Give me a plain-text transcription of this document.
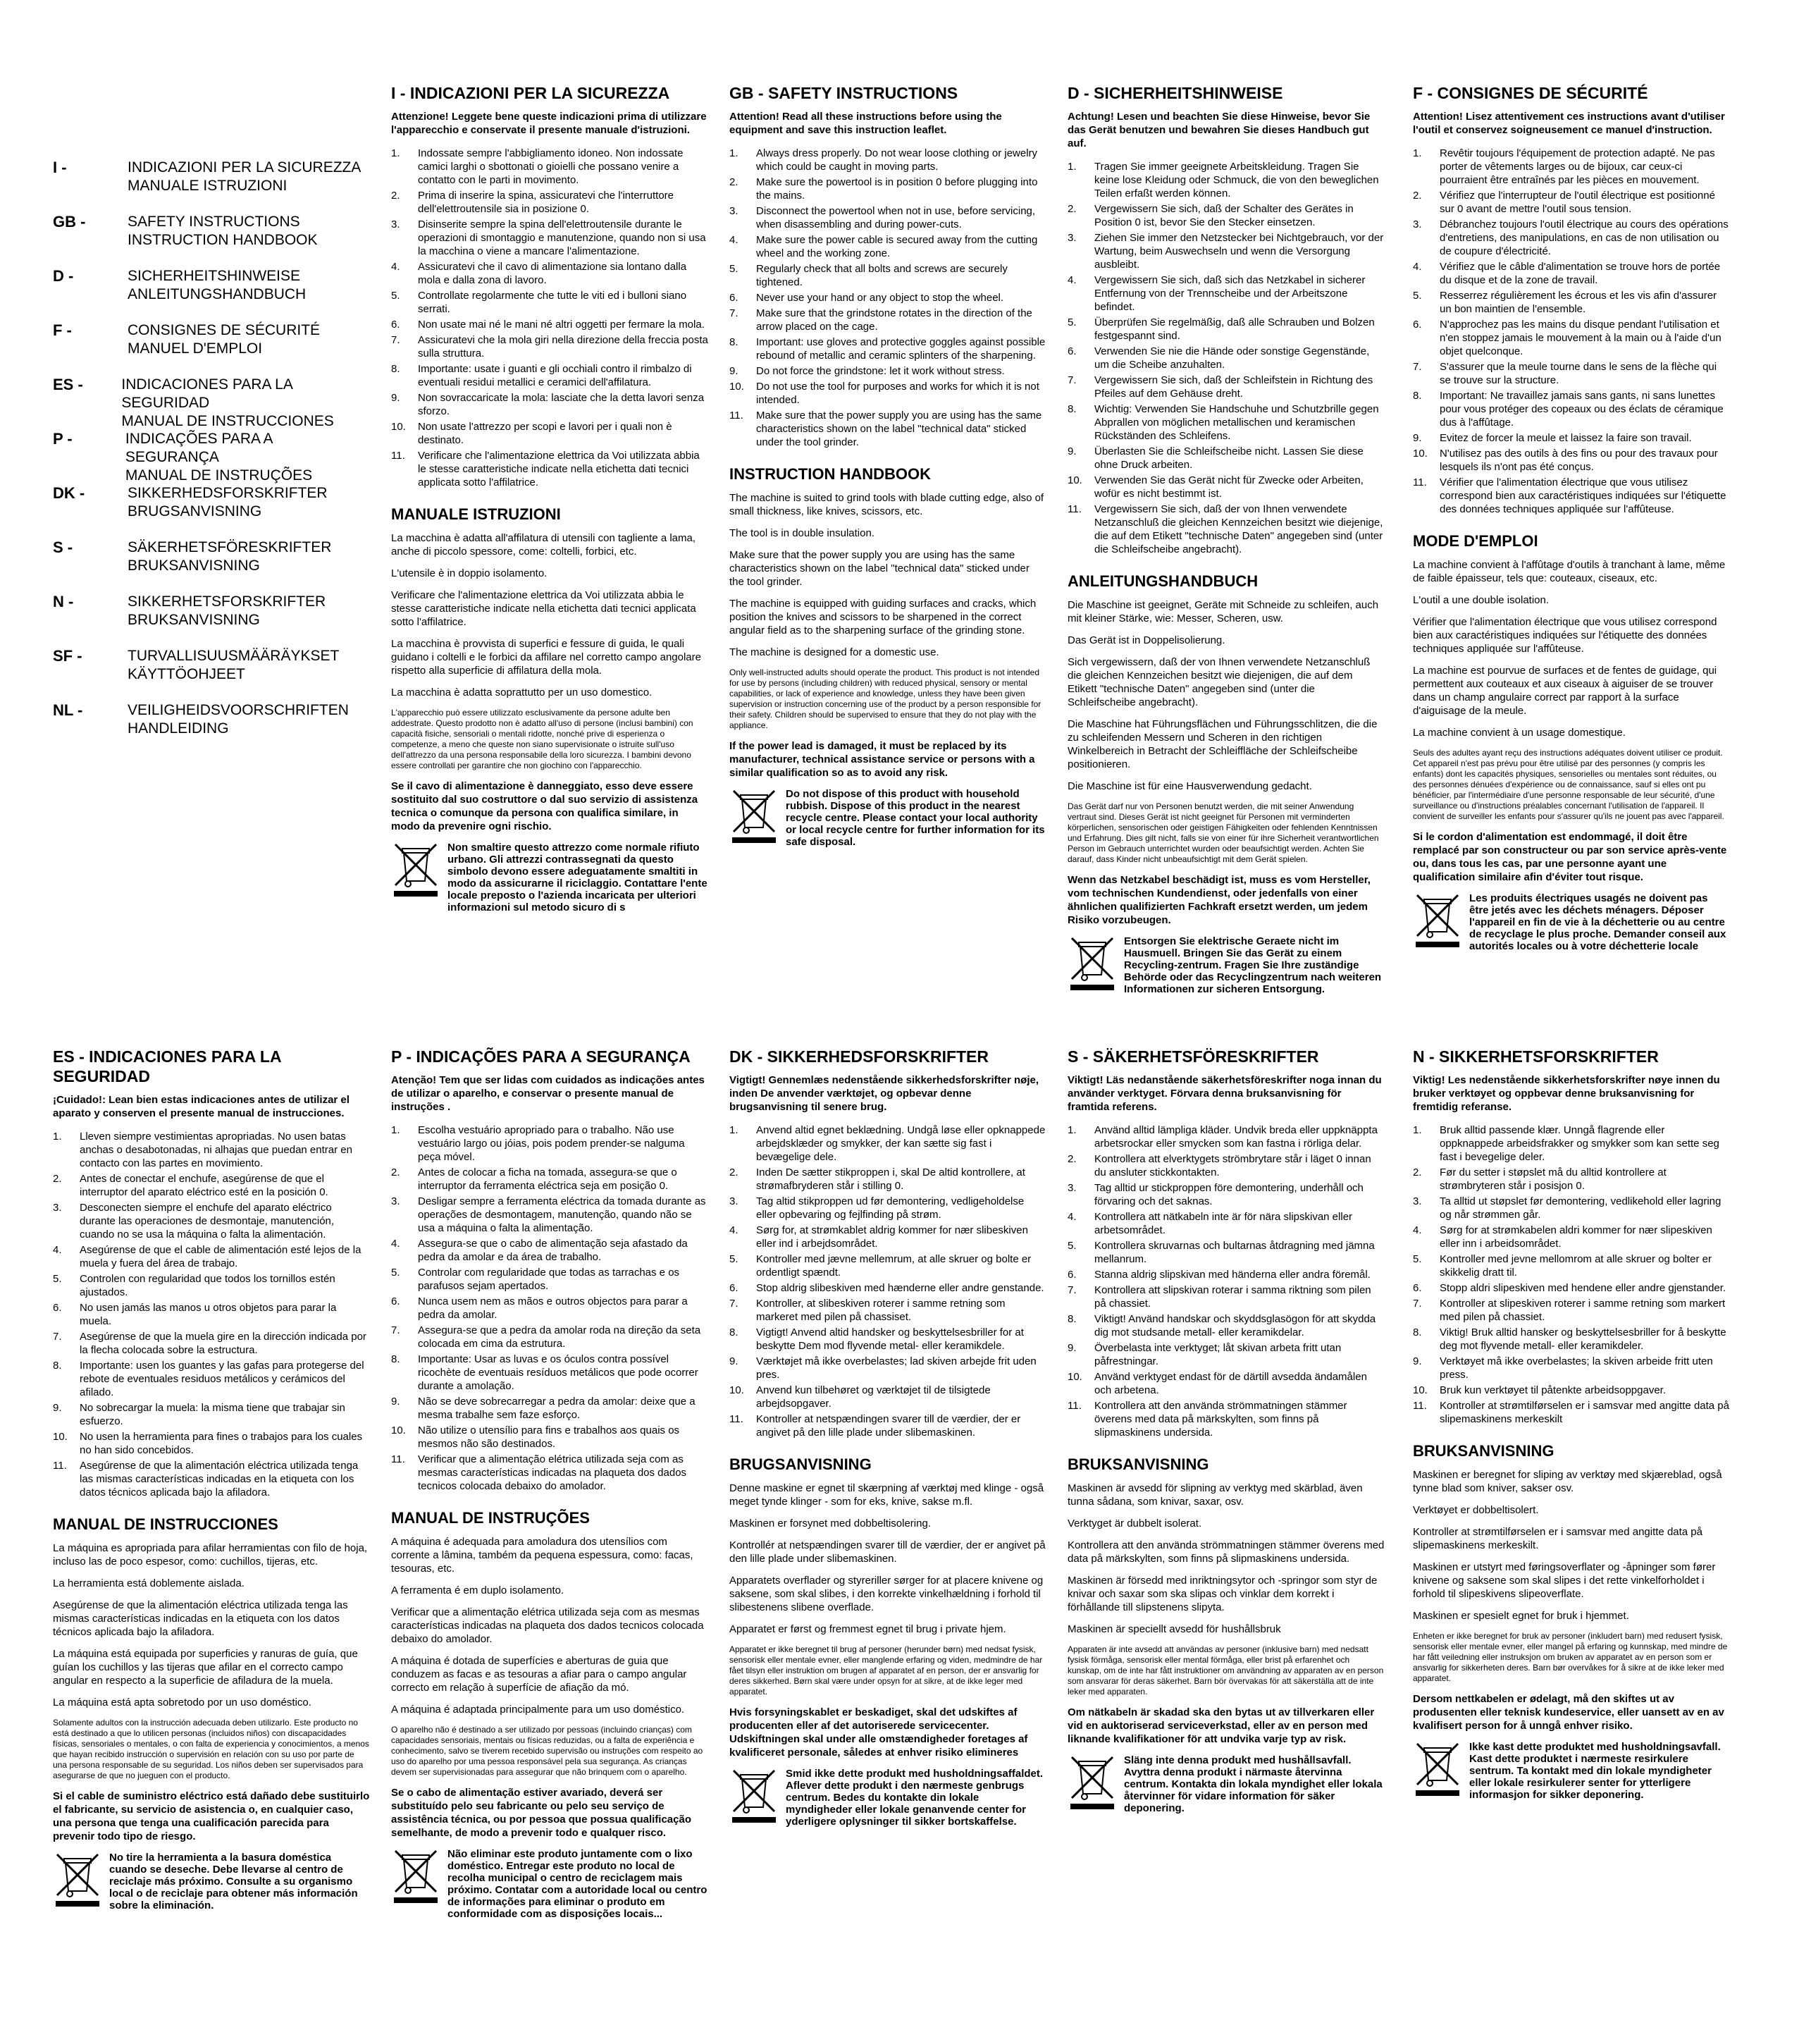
I -	INDICAZIONI PER LA SICUREZZA
MANUALE ISTRUZIONI
GB -	SAFETY INSTRUCTIONS
INSTRUCTION HANDBOOK
D -	SICHERHEITSHINWEISE
ANLEITUNGSHANDBUCH
F -	CONSIGNES DE SÉCURITÉ
MANUEL D'EMPLOI
ES -	INDICACIONES PARA LA SEGURIDAD
MANUAL DE INSTRUCCIONES
P -	INDICAÇÕES PARA A SEGURANÇA
MANUAL DE INSTRUÇÕES
DK -	SIKKERHEDSFORSKRIFTER
BRUGSANVISNING
S -	SÄKERHETSFÖRESKRIFTER
BRUKSANVISNING
N -	SIKKERHETSFORSKRIFTER
BRUKSANVISNING
SF -	TURVALLISUUSMÄÄRÄYKSET
KÄYTTÖOHJEET
NL -	VEILIGHEIDSVOORSCHRIFTEN
HANDLEIDING
I - INDICAZIONI PER LA SICUREZZA
Attenzione! Leggete bene queste indicazioni prima di utilizzare l'apparecchio e conservate il presente manuale d'istruzioni.
1.	Indossate sempre l'abbigliamento idoneo. Non indossate camici larghi o sbottonati o gioielli che possano venire a contatto con le parti in movimento.
2.	Prima di inserire la spina, assicuratevi che l'interruttore dell'elettroutensile sia in posizione 0.
3.	Disinserite sempre la spina dell'elettroutensile durante le operazioni di smontaggio e manutenzione, quando non si usa la macchina o viene a mancare l'alimentazione.
4.	Assicuratevi che il cavo di alimentazione sia lontano dalla mola e dalla zona di lavoro.
5.	Controllate regolarmente che tutte le viti ed i bulloni siano serrati.
6.	Non usate mai né le mani né altri oggetti per fermare la mola.
7.	Assicuratevi che la mola giri nella direzione della freccia posta sulla struttura.
8.	Importante: usate i guanti e gli occhiali contro il rimbalzo di eventuali residui metallici e ceramici dell'affilatura.
9.	Non sovraccaricate la mola: lasciate che la detta lavori senza sforzo.
10.	Non usate l'attrezzo per scopi e lavori per i quali non è destinato.
11.	Verificare che l'alimentazione elettrica da Voi utilizzata abbia le stesse caratteristiche indicate nella etichetta dati tecnici applicata sotto l'affilatrice.
MANUALE ISTRUZIONI
La macchina è adatta all'affilatura di utensili con tagliente a lama, anche di piccolo spessore, come: coltelli, forbici, etc.
L'utensile è in doppio isolamento.
Verificare che l'alimentazione elettrica da Voi utilizzata abbia le stesse caratteristiche indicate nella etichetta dati tecnici applicata sotto l'affilatrice.
La macchina è provvista di superfici e fessure di guida, le quali guidano i coltelli e le forbici da affilare nel corretto campo angolare rispetto alla superficie di affilatura della mola.
La macchina è adatta soprattutto per un uso domestico.
L'apparecchio può essere utilizzato esclusivamente da persone adulte ben addestrate. Questo prodotto non è adatto all'uso di persone (inclusi bambini) con capacità fisiche, sensoriali o mentali ridotte, nonché prive di esperienza o competenze, a meno che queste non siano supervisionate o istruite sull'uso dell'attrezzo da una persona responsabile della loro sicurezza. I bambini devono essere controllati per garantire che non giochino con l'apparecchio.
Se il cavo di alimentazione è danneggiato, esso deve essere sostituito dal suo costruttore o dal suo servizio di assistenza tecnica o comunque da persona con qualifica similare, in modo da prevenire ogni rischio.
Non smaltire questo attrezzo come normale rifiuto urbano. Gli attrezzi contrassegnati da questo simbolo devono essere adeguatamente smaltiti in modo da assicurarne il riciclaggio. Contattare l'ente locale preposto o l'azienda incaricata per ulteriori informazioni sul metodo sicuro di s
GB - SAFETY INSTRUCTIONS
Attention! Read all these instructions before using the equipment and save this instruction leaflet.
1.	Always dress properly. Do not wear loose clothing or jewelry which could be caught in moving parts.
2.	Make sure the powertool is in position 0 before plugging into the mains.
3.	Disconnect the powertool when not in use, before servicing, when disassembling and during power-cuts.
4.	Make sure the power cable is secured away from the cutting wheel and the working zone.
5.	Regularly check that all bolts and screws are securely tightened.
6.	Never use your hand or any object to stop the wheel.
7.	Make sure that the grindstone rotates in the direction of the arrow placed on the cage.
8.	Important: use gloves and protective goggles against possible rebound of metallic and ceramic splinters of the sharpening.
9.	Do not force the grindstone: let it work without stress.
10.	Do not use the tool for purposes and works for which it is not intended.
11.	Make sure that the power supply you are using has the same characteristics shown on the label "technical data" sticked under the tool grinder.
INSTRUCTION HANDBOOK
The machine is suited to grind tools with blade cutting edge, also of small thickness, like knives, scissors, etc.
The tool is in double insulation.
Make sure that the power supply you are using has the same characteristics shown on the label "technical data" sticked under the tool grinder.
The machine is equipped with guiding surfaces and cracks, which position the knives and scissors to be sharpened in the correct angular field as to the sharpening surface of the grinding stone.
The machine is designed for a domestic use.
Only well-instructed adults should operate the product. This product is not intended for use by persons (including children) with reduced physical, sensory or mental capabilities, or lack of experience and knowledge, unless they have been given supervision or instruction concerning use of the product by a person responsible for their safety. Children should be supervised to ensure that they do not play with the appliance.
If the power lead is damaged, it must be replaced by its manufacturer, technical assistance service or persons with a similar qualification so as to avoid any risk.
Do not dispose of this product with household rubbish. Dispose of this product in the nearest recycle centre. Please contact your local authority or local recycle centre for further information for its safe disposal.
D - SICHERHEITSHINWEISE
Achtung! Lesen und beachten Sie diese Hinweise, bevor Sie das Gerät benutzen und bewahren Sie dieses Handbuch gut auf.
1.	Tragen Sie immer geeignete Arbeitskleidung. Tragen Sie keine lose Kleidung oder Schmuck, die von den beweglichen Teilen erfaßt werden können.
2.	Vergewissern Sie sich, daß der Schalter des Gerätes in Position 0 ist, bevor Sie den Stecker einsetzen.
3.	Ziehen Sie immer den Netzstecker bei Nichtgebrauch, vor der Wartung, beim Auswechseln und wenn die Versorgung ausbleibt.
4.	Vergewissern Sie sich, daß sich das Netzkabel in sicherer Entfernung von der Trennscheibe und der Arbeitszone befindet.
5.	Überprüfen Sie regelmäßig, daß alle Schrauben und Bolzen festgespannt sind.
6.	Verwenden Sie nie die Hände oder sonstige Gegenstände, um die Scheibe anzuhalten.
7.	Vergewissern Sie sich, daß der Schleifstein in Richtung des Pfeiles auf dem Gehäuse dreht.
8.	Wichtig: Verwenden Sie Handschuhe und Schutzbrille gegen Abprallen von möglichen metallischen und keramischen Rückständen des Schleifens.
9.	Überlasten Sie die Schleifscheibe nicht. Lassen Sie diese ohne Druck arbeiten.
10.	Verwenden Sie das Gerät nicht für Zwecke oder Arbeiten, wofür es nicht bestimmt ist.
11.	Vergewissern Sie sich, daß der von Ihnen verwendete Netzanschluß die gleichen Kennzeichen besitzt wie diejenige, die auf dem Etikett "technische Daten" angegeben sind (unter die Schleifscheibe angebracht).
ANLEITUNGSHANDBUCH
Die Maschine ist geeignet, Geräte mit Schneide zu schleifen, auch mit kleiner Stärke, wie: Messer, Scheren, usw.
Das Gerät ist in Doppelisolierung.
Sich vergewissern, daß der von Ihnen verwendete Netzanschluß die gleichen Kennzeichen besitzt wie diejenigen, die auf dem Etikett "technische Daten" angegeben sind (unter die Schleifscheibe angebracht).
Die Maschine hat Führungsflächen und Führungsschlitzen, die die zu schleifenden Messern und Scheren in den richtigen Winkelbereich in Betracht der Schleiffläche der Schleifscheibe positionieren.
Die Maschine ist für eine Hausverwendung gedacht.
Das Gerät darf nur von Personen benutzt werden, die mit seiner Anwendung vertraut sind. Dieses Gerät ist nicht geeignet für Personen mit verminderten körperlichen, sensorischen oder geistigen Fähigkeiten oder fehlenden Kenntnissen und Erfahrung. Dies gilt nicht, falls sie von einer für ihre Sicherheit verantwortlichen Person im Gebrauch unterrichtet wurden oder beaufsichtigt werden. Achten Sie darauf, dass Kinder nicht unbeaufsichtigt mit dem Gerät spielen.
Wenn das Netzkabel beschädigt ist, muss es vom Hersteller, vom technischen Kundendienst, oder jedenfalls von einer ähnlichen qualifizierten Fachkraft ersetzt werden, um jedem Risiko vorzubeugen.
Entsorgen Sie elektrische Geraete nicht im Hausmuell. Bringen Sie das Gerät zu einem Recycling-zentrum. Fragen Sie Ihre zuständige Behörde oder das Recyclingzentrum nach weiteren Informationen zur sicheren Entsorgung.
F - CONSIGNES DE SÉCURITÉ
Attention! Lisez attentivement ces instructions avant d'utiliser l'outil et conservez soigneusement ce manuel d'instruction.
1.	Revêtir toujours l'équipement de protection adapté. Ne pas porter de vêtements larges ou de bijoux, car ceux-ci pourraient être entraînés par les pièces en mouvement.
2.	Vérifiez que l'interrupteur de l'outil électrique est positionné sur 0 avant de mettre l'outil sous tension.
3.	Débranchez toujours l'outil électrique au cours des opérations d'entretiens, des manipulations, en cas de non utilisation ou de coupure d'électricité.
4.	Vérifiez que le câble d'alimentation se trouve hors de portée du disque et de la zone de travail.
5.	Resserrez régulièrement les écrous et les vis afin d'assurer un bon maintien de l'ensemble.
6.	N'approchez pas les mains du disque pendant l'utilisation et n'en stoppez jamais le mouvement à la main ou à l'aide d'un objet quelconque.
7.	S'assurer que la meule tourne dans le sens de la flèche qui se trouve sur la structure.
8.	Important: Ne travaillez jamais sans gants, ni sans lunettes pour vous protéger des copeaux ou des éclats de céramique dus à l'affûtage.
9.	Evitez de forcer la meule et laissez la faire son travail.
10.	N'utilisez pas des outils à des fins ou pour des travaux pour lesquels ils n'ont pas été conçus.
11.	Vérifier que l'alimentation électrique que vous utilisez correspond bien aux caractéristiques indiquées sur l'étiquette des données techniques appliquée sur l'affûteuse.
MODE D'EMPLOI
La machine convient à l'affûtage d'outils à tranchant à lame, même de faible épaisseur, tels que: couteaux, ciseaux, etc.
L'outil a une double isolation.
Vérifier que l'alimentation électrique que vous utilisez correspond bien aux caractéristiques indiquées sur l'étiquette des données techniques appliquée sur l'affûteuse.
La machine est pourvue de surfaces et de fentes de guidage, qui permettent aux couteaux et aux ciseaux à aiguiser de se trouver dans un champ angulaire correct par rapport à la surface d'aiguisage de la meule.
La machine convient à un usage domestique.
Seuls des adultes ayant reçu des instructions adéquates doivent utiliser ce produit. Cet appareil n'est pas prévu pour être utilisé par des personnes (y compris les enfants) dont les capacités physiques, sensorielles ou mentales sont réduites, ou des personnes dénuées d'expérience ou de connaissance, sauf si elles ont pu bénéficier, par l'intermédiaire d'une personne responsable de leur sécurité, d'une surveillance ou d'instructions préalables concernant l'utilisation de l'appareil. Il convient de surveiller les enfants pour s'assurer qu'ils ne jouent pas avec l'appareil.
Si le cordon d'alimentation est endommagé, il doit être remplacé par son constructeur ou par son service après-vente ou, dans tous les cas, par une personne ayant une qualification similaire afin d'éviter tout risque.
Les produits électriques usagés ne doivent pas être jetés avec les déchets ménagers. Déposer l'appareil en fin de vie à la déchetterie ou au centre de recyclage le plus proche. Demander conseil aux autorités locales ou à votre déchetterie locale
ES - INDICACIONES PARA LA SEGURIDAD
¡Cuidado!: Lean bien estas indicaciones antes de utilizar el aparato y conserven el presente manual de instrucciones.
1.	Lleven siempre vestimientas apropriadas. No usen batas anchas o desabotonadas, ni alhajas que puedan entrar en contacto con las partes en movimiento.
2.	Antes de conectar el enchufe, asegúrense de que el interruptor del aparato eléctrico esté en la posición 0.
3.	Desconecten siempre el enchufe del aparato eléctrico durante las operaciones de desmontaje, manutención, cuando no se usa la máquina o falta la alimentación.
4.	Asegúrense de que el cable de alimentación esté lejos de la muela y fuera del área de trabajo.
5.	Controlen con regularidad que todos los tornillos estén ajustados.
6.	No usen jamás las manos u otros objetos para parar la muela.
7.	Asegúrense de que la muela gire en la dirección indicada por la flecha colocada sobre la estructura.
8.	Importante: usen los guantes y las gafas para protegerse del rebote de eventuales residuos metálicos y cerámicos del afilado.
9.	No sobrecargar la muela: la misma tiene que trabajar sin esfuerzo.
10.	No usen la herramienta para fines o trabajos para los cuales no han sido concebidos.
11.	Asegúrense de que la alimentación eléctrica utilizada tenga las mismas características indicadas en la etiqueta con los datos técnicos aplicada bajo la afiladora.
MANUAL DE INSTRUCCIONES
La máquina es apropriada para afilar herramientas con filo de hoja, incluso las de poco espesor, como: cuchillos, tijeras, etc.
La herramienta está doblemente aislada.
Asegúrense de que la alimentación eléctrica utilizada tenga las mismas características indicadas en la etiqueta con los datos técnicos aplicada bajo la afiladora.
La máquina está equipada por superficies y ranuras de guía, que guían los cuchillos y las tijeras que afilar en el correcto campo angular en respecto a la superficie de afiladura de la muela.
La máquina está apta sobretodo por un uso doméstico.
Solamente adultos con la instrucción adecuada deben utilizarlo. Este producto no está destinado a que lo utilicen personas (incluidos niños) con discapacidades físicas, sensoriales o mentales, o con falta de experiencia y conocimientos, a menos que hayan recibido instrucción o supervisión en relación con su uso por parte de una persona responsable de su seguridad. Los niños deben ser supervisados para asegurarse de que no jueguen con el producto.
Si el cable de suministro eléctrico está dañado debe sustituirlo el fabricante, su servicio de asistencia o, en cualquier caso, una persona que tenga una cualificación parecida para prevenir todo tipo de riesgo.
No tire la herramienta a la basura doméstica cuando se deseche. Debe llevarse al centro de reciclaje más próximo. Consulte a su organismo local o de reciclaje para obtener más información sobre la eliminación.
P - INDICAÇÕES PARA A SEGURANÇA
Atenção! Tem que ser lidas com cuidados as indicações antes de utilizar o aparelho, e conservar o presente manual de instruções .
1.	Escolha vestuário apropriado para o trabalho. Não use vestuário largo ou jóias, pois podem prender-se nalguma peça móvel.
2.	Antes de colocar a ficha na tomada, assegura-se que o interruptor da ferramenta eléctrica seja em posição 0.
3.	Desligar sempre a ferramenta eléctrica da tomada durante as operações de desmontagem, manutenção, quando não se usa a máquina o falta la alimentação.
4.	Assegura-se que o cabo de alimentação seja afastado da pedra da amolar e da área de trabalho.
5.	Controlar com regularidade que todas as tarrachas e os parafusos sejam apertados.
6.	Nunca usem nem as mãos e outros objectos para parar a pedra da amolar.
7.	Assegura-se que a pedra da amolar roda na direção da seta colocada em cima da estrutura.
8.	Importante: Usar as luvas e os óculos contra possível ricochète de eventuais resíduos metálicos que pode ocorrer durante a amolação.
9.	Não se deve sobrecarregar a pedra da amolar: deixe que a mesma trabalhe sem faze esforço.
10.	Não utilize o utensílio para fins e trabalhos aos quais os mesmos não são destinados.
11.	Verificar que a alimentação elétrica utilizada seja com as mesmas características indicadas na plaqueta dos dados tecnicos colocada debaixo do amolador.
MANUAL DE INSTRUÇÕES
A máquina é adequada para amoladura dos utensílios com corrente a lâmina, também da pequena espessura, como: facas, tesouras, etc.
A ferramenta é em duplo isolamento.
Verificar que a alimentação elétrica utilizada seja com as mesmas características indicadas na plaqueta dos dados tecnicos colocada debaixo do amolador.
A máquina é dotada de superfícies e aberturas de guia que conduzem as facas e as tesouras a afiar para o campo angular correcto em relação à superfície de afiação da mó.
A máquina é adaptada principalmente para um uso doméstico.
O aparelho não é destinado a ser utilizado por pessoas (incluindo crianças) com capacidades sensoriais, mentais ou físicas reduzidas, ou a falta de experiência e conhecimento, salvo se tiverem recebido supervisão ou instruções com respeito ao uso do aparelho por uma pessoa responsável pela sua segurança. As crianças devem ser supervisionadas para assegurar que não brinquem com o aparelho.
Se o cabo de alimentação estiver avariado, deverá ser substituído pelo seu fabricante ou pelo seu serviço de assistência técnica, ou por pessoa que possua qualificação semelhante, de modo a prevenir todo e qualquer risco.
Não eliminar este produto juntamente com o lixo doméstico. Entregar este produto no local de recolha municipal o centro de reciclagem mais próximo. Contatar com a autoridade local ou centro de informações para eliminar o produto em conformidade com as disposições locais...
DK - SIKKERHEDSFORSKRIFTER
Vigtigt! Gennemlæs nedenstående sikkerhedsforskrifter nøje, inden De anvender værktøjet, og opbevar denne brugsanvisning til senere brug.
1.	Anvend altid egnet beklædning. Undgå løse eller opknappede arbejdsklæder og smykker, der kan sætte sig fast i bevægelige dele.
2.	Inden De sætter stikproppen i, skal De altid kontrollere, at strømafbryderen står i stilling 0.
3.	Tag altid stikproppen ud før demontering, vedligeholdelse eller opbevaring og fejlfinding på strøm.
4.	Sørg for, at strømkablet aldrig kommer for nær slibeskiven eller ind i arbejdsområdet.
5.	Kontroller med jævne mellemrum, at alle skruer og bolte er ordentligt spændt.
6.	Stop aldrig slibeskiven med hænderne eller andre genstande.
7.	Kontroller, at slibeskiven roterer i samme retning som markeret med pilen på chassiset.
8.	Vigtigt! Anvend altid handsker og beskyttelsesbriller for at beskytte Dem mod flyvende metal- eller keramikdele.
9.	Værktøjet må ikke overbelastes; lad skiven arbejde frit uden pres.
10.	Anvend kun tilbehøret og værktøjet til de tilsigtede arbejdsopgaver.
11.	Kontroller at netspændingen svarer till de værdier, der er angivet på den lille plade under slibemaskinen.
BRUGSANVISNING
Denne maskine er egnet til skærpning af værktøj med klinge - også meget tynde klinger - som for eks, knive, sakse m.fl.
Maskinen er forsynet med dobbeltisolering.
Kontrollér at netspændingen svarer till de værdier, der er angivet på den lille plade under slibemaskinen.
Apparatets overflader og styreriller sørger for at placere knivene og saksene, som skal slibes, i den korrekte vinkelhældning i forhold til slibestenens slibene overflade.
Apparatet er først og fremmest egnet til brug i private hjem.
Apparatet er ikke beregnet til brug af personer (herunder børn) med nedsat fysisk, sensorisk eller mentale evner, eller manglende erfaring og viden, medmindre de har fået tilsyn eller instruktion om brugen af apparatet af en person, der er ansvarlig for deres sikkerhed. Børn skal være under opsyn for at sikre, at de ikke leger med apparatet.
Hvis forsyningskablet er beskadiget, skal det udskiftes af producenten eller af det autoriserede servicecenter. Udskiftningen skal under alle omstændigheder foretages af kvalificeret personale, således at enhver risiko elimineres
Smid ikke dette produkt med husholdningsaffaldet. Aflever dette produkt i den nærmeste genbrugs centrum. Bedes du kontakte din lokale myndigheder eller lokale genanvende center for yderligere oplysninger til sikker bortskaffelse.
S - SÄKERHETSFÖRESKRIFTER
Viktigt! Läs nedanstående säkerhetsföreskrifter noga innan du använder verktyget. Förvara denna bruksanvisning för framtida referens.
1.	Använd alltid lämpliga kläder. Undvik breda eller uppknäppta arbetsrockar eller smycken som kan fastna i rörliga delar.
2.	Kontrollera att elverktygets strömbrytare står i läget 0 innan du ansluter stickkontakten.
3.	Tag alltid ur stickproppen före demontering, underhåll och förvaring och det saknas.
4.	Kontrollera att nätkabeln inte är för nära slipskivan eller arbetsområdet.
5.	Kontrollera skruvarnas och bultarnas åtdragning med jämna mellanrum.
6.	Stanna aldrig slipskivan med händerna eller andra föremål.
7.	Kontrollera att slipskivan roterar i samma riktning som pilen på chassiet.
8.	Viktigt! Använd handskar och skyddsglasögon för att skydda dig mot studsande metall- eller keramikdelar.
9.	Överbelasta inte verktyget; låt skivan arbeta fritt utan påfrestningar.
10.	Använd verktyget endast för de därtill avsedda ändamålen och arbetena.
11.	Kontrollera att den använda strömmatningen stämmer överens med data på märkskylten, som finns på slipmaskinens undersida.
BRUKSANVISNING
Maskinen är avsedd för slipning av verktyg med skärblad, även tunna sådana, som knivar, saxar, osv.
Verktyget är dubbelt isolerat.
Kontrollera att den använda strömmatningen stämmer överens med data på märkskylten, som finns på slipmaskinens undersida.
Maskinen är försedd med inriktningsytor och -springor som styr de knivar och saxar som ska slipas och vinklar dem korrekt i förhållande till slipstenens slipyta.
Maskinen är speciellt avsedd för hushållsbruk
Apparaten är inte avsedd att användas av personer (inklusive barn) med nedsatt fysisk förmåga, sensorisk eller mental förmåga, eller brist på erfarenhet och kunskap, om de inte har fått instruktioner om användning av apparaten av en person som ansvarar för deras säkerhet. Barn bör övervakas för att säkerställa att de inte leker med apparaten.
Om nätkabeln är skadad ska den bytas ut av tillverkaren eller vid en auktoriserad serviceverkstad, eller av en person med liknande kvalifikationer för att undvika varje typ av risk.
Släng inte denna produkt med hushållsavfall. Avyttra denna produkt i närmaste återvinna centrum. Kontakta din lokala myndighet eller lokala återvinner för vidare information för säker deponering.
N - SIKKERHETSFORSKRIFTER
Viktig! Les nedenstående sikkerhetsforskrifter nøye innen du bruker verktøyet og oppbevar denne bruksanvisning for fremtidig referanse.
1.	Bruk alltid passende klær. Unngå flagrende eller oppknappede arbeidsfrakker og smykker som kan sette seg fast i bevegelige deler.
2.	Før du setter i støpslet må du alltid kontrollere at strømbryteren står i posisjon 0.
3.	Ta alltid ut støpslet før demontering, vedlikehold eller lagring og når strømmen går.
4.	Sørg for at strømkabelen aldri kommer for nær slipeskiven eller inn i arbeidsområdet.
5.	Kontroller med jevne mellomrom at alle skruer og bolter er skikkelig dratt til.
6.	Stopp aldri slipeskiven med hendene eller andre gjenstander.
7.	Kontroller at slipeskiven roterer i samme retning som markert med pilen på chassiet.
8.	Viktig! Bruk alltid hansker og beskyttelsesbriller for å beskytte deg mot flyvende metall- eller keramikdeler.
9.	Verktøyet må ikke overbelastes; la skiven arbeide fritt uten press.
10.	Bruk kun verktøyet til påtenkte arbeidsoppgaver.
11.	Kontroller at strømtilførselen er i samsvar med angitte data på slipemaskinens merkeskilt
BRUKSANVISNING
Maskinen er beregnet for sliping av verktøy med skjæreblad, også tynne blad som kniver, sakser osv.
Verktøyet er dobbeltisolert.
Kontroller at strømtilførselen er i samsvar med angitte data på slipemaskinens merkeskilt.
Maskinen er utstyrt med føringsoverflater og -åpninger som fører knivene og saksene som skal slipes i det rette vinkelforholdet i forhold til slipeskivens slipeoverflate.
Maskinen er spesielt egnet for bruk i hjemmet.
Enheten er ikke beregnet for bruk av personer (inkludert barn) med redusert fysisk, sensorisk eller mentale evner, eller mangel på erfaring og kunnskap, med mindre de har fått veiledning eller instruksjon om bruken av apparatet av en person som er ansvarlig for sikkerheten deres. Barn bør overvåkes for å sikre at de ikke leker med apparatet.
Dersom nettkabelen er ødelagt, må den skiftes ut av produsenten eller teknisk kundeservice, eller uansett av en av kvalifisert person for å unngå enhver risiko.
Ikke kast dette produktet med husholdningsavfall. Kast dette produktet i nærmeste resirkulere sentrum. Ta kontakt med din lokale myndigheter eller lokale resirkulerer senter for ytterligere informasjon for sikker deponering.
